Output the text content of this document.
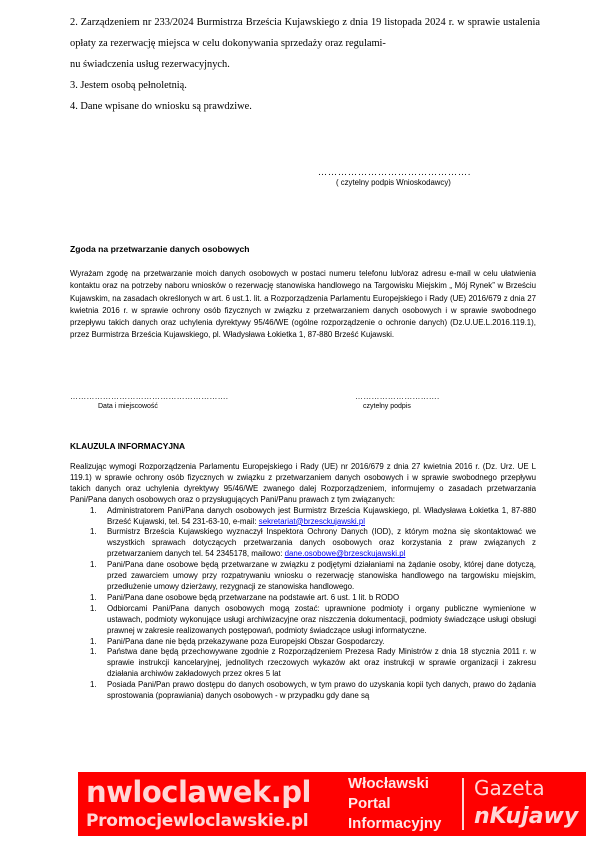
2. Zarządzeniem nr 233/2024 Burmistrza Brześcia Kujawskiego z dnia 19 listopada 2024 r. w sprawie ustalenia opłaty za rezerwację miejsca w celu dokonywania sprzedaży oraz regulami-

nu świadczenia usług rezerwacyjnych.

3. Jestem osobą pełnoletnią.

4. Dane wpisane do wniosku są prawdziwe.

……………………………………….
( czytelny podpis Wnioskodawcy)
Zgoda na przetwarzanie danych osobowych
Wyrażam zgodę na przetwarzanie moich danych osobowych w postaci numeru telefonu lub/oraz adresu e-mail w celu ułatwienia kontaktu oraz na potrzeby naboru wniosków o rezerwację stanowiska handlowego na Targowisku Miejskim „ Mój Rynek” w Brześciu Kujawskim, na zasadach określonych w art. 6 ust.1. lit. a Rozporządzenia Parlamentu Europejskiego i Rady (UE) 2016/679 z dnia 27 kwietnia 2016 r. w sprawie ochrony osób fizycznych w związku z przetwarzaniem danych osobowych i w sprawie swobodnego przepływu takich danych oraz uchylenia dyrektywy 95/46/WE (ogólne rozporządzenie o ochronie danych) (Dz.U.UE.L.2016.119.1), przez Burmistrza Brześcia Kujawskiego, pl. Władysława Łokietka 1, 87-880 Brześć Kujawski.
………………………………………………….
Data i miejscowość
………………………….
czytelny podpis
KLAUZULA INFORMACYJNA

Realizując wymogi Rozporządzenia Parlamentu Europejskiego i Rady (UE) nr 2016/679 z dnia 27 kwietnia 2016 r. (Dz. Urz. UE L 119.1) w sprawie ochrony osób fizycznych w związku z przetwarzaniem danych osobowych i w sprawie swobodnego przepływu takich danych oraz uchylenia dyrektywy 95/46/WE zwanego dalej Rozporządzeniem, informujemy o zasadach przetwarzania Pani/Pana danych osobowych oraz o przysługujących Pani/Panu prawach z tym związanych:

1. Administratorem Pani/Pana danych osobowych jest Burmistrz Brześcia Kujawskiego, pl. Władysława Łokietka 1, 87-880 Brześć Kujawski, tel. 54 231-63-10, e-mail: sekretariat@brzesckujawski.pl
1. Burmistrz Brześcia Kujawskiego wyznaczył Inspektora Ochrony Danych (IOD), z którym można się skontaktować we wszystkich sprawach dotyczących przetwarzania danych osobowych oraz korzystania z praw związanych z przetwarzaniem danych tel. 54 2345178, mailowo: dane.osobowe@brzesckujawski.pl
1. Pani/Pana dane osobowe będą przetwarzane w związku z podjętymi działaniami na żądanie osoby, której dane dotyczą, przed zawarciem umowy przy rozpatrywaniu wniosku o rezerwację stanowiska handlowego na targowisku miejskim, przedłużenie umowy dzierżawy, rezygnacji ze stanowiska handlowego.
1. Pani/Pana dane osobowe będą przetwarzane na podstawie art. 6 ust. 1 lit. b RODO
1. Odbiorcami Pani/Pana danych osobowych mogą zostać: uprawnione podmioty i organy publiczne wymienione w ustawach, podmioty wykonujące usługi archiwizacyjne oraz niszczenia dokumentacji, podmioty świadczące usługi obsługi prawnej w zakresie realizowanych postępowań, podmioty świadczące usługi informatyczne.
1. Pani/Pana dane nie będą przekazywane poza Europejski Obszar Gospodarczy.
1. Państwa dane będą przechowywane zgodnie z Rozporządzeniem Prezesa Rady Ministrów z dnia 18 stycznia 2011 r. w sprawie instrukcji kancelaryjnej, jednolitych rzeczowych wykazów akt oraz instrukcji w sprawie organizacji i zakresu działania archiwów zakładowych przez okres 5 lat
1. Posiada Pani/Pan prawo dostępu do danych osobowych, w tym prawo do uzyskania kopii tych danych, prawo do żądania sprostowania (poprawiania) danych osobowych - w przypadku gdy dane są
nwloclawek.pl
Promocjewloclawskie.pl
Włocławski
Portal
Informacyjny
Gazeta
nKujawy
